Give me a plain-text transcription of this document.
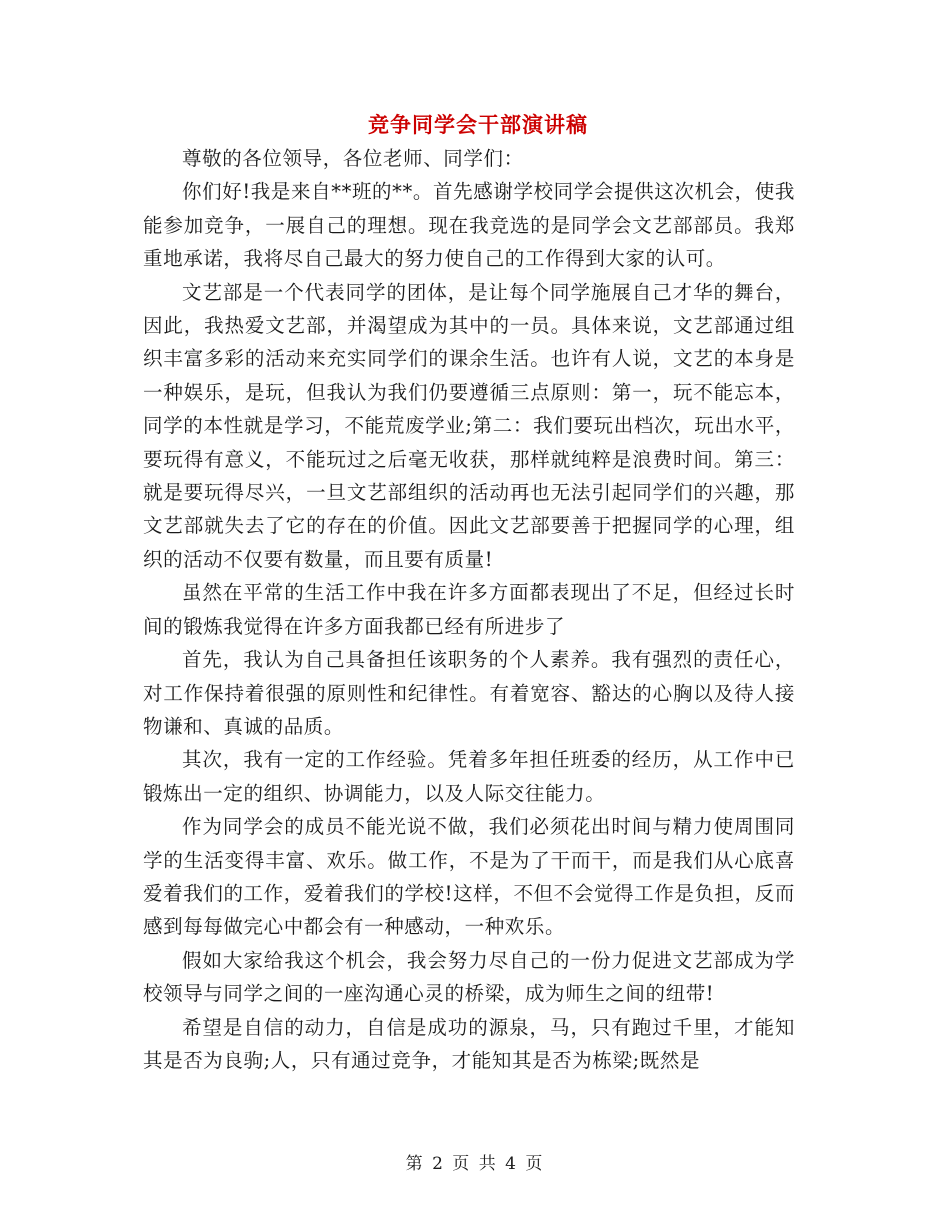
竞争同学会干部演讲稿

尊敬的各位领导，各位老师、同学们：

你们好!我是来自**班的**。首先感谢学校同学会提供这次机会，使我能参加竞争，一展自己的理想。现在我竞选的是同学会文艺部部员。我郑重地承诺，我将尽自己最大的努力使自己的工作得到大家的认可。

文艺部是一个代表同学的团体，是让每个同学施展自己才华的舞台，因此，我热爱文艺部，并渴望成为其中的一员。具体来说，文艺部通过组织丰富多彩的活动来充实同学们的课余生活。也许有人说，文艺的本身是一种娱乐，是玩，但我认为我们仍要遵循三点原则：第一，玩不能忘本，同学的本性就是学习，不能荒废学业;第二：我们要玩出档次，玩出水平，要玩得有意义，不能玩过之后毫无收获，那样就纯粹是浪费时间。第三：就是要玩得尽兴，一旦文艺部组织的活动再也无法引起同学们的兴趣，那文艺部就失去了它的存在的价值。因此文艺部要善于把握同学的心理，组织的活动不仅要有数量，而且要有质量!

虽然在平常的生活工作中我在许多方面都表现出了不足，但经过长时间的锻炼我觉得在许多方面我都已经有所进步了

首先，我认为自己具备担任该职务的个人素养。我有强烈的责任心，对工作保持着很强的原则性和纪律性。有着宽容、豁达的心胸以及待人接物谦和、真诚的品质。

其次，我有一定的工作经验。凭着多年担任班委的经历，从工作中已锻炼出一定的组织、协调能力，以及人际交往能力。

作为同学会的成员不能光说不做，我们必须花出时间与精力使周围同学的生活变得丰富、欢乐。做工作，不是为了干而干，而是我们从心底喜爱着我们的工作，爱着我们的学校!这样，不但不会觉得工作是负担，反而感到每每做完心中都会有一种感动，一种欢乐。

假如大家给我这个机会，我会努力尽自己的一份力促进文艺部成为学校领导与同学之间的一座沟通心灵的桥梁，成为师生之间的纽带!

希望是自信的动力，自信是成功的源泉，马，只有跑过千里，才能知其是否为良驹;人，只有通过竞争，才能知其是否为栋梁;既然是

第 2 页 共 4 页
